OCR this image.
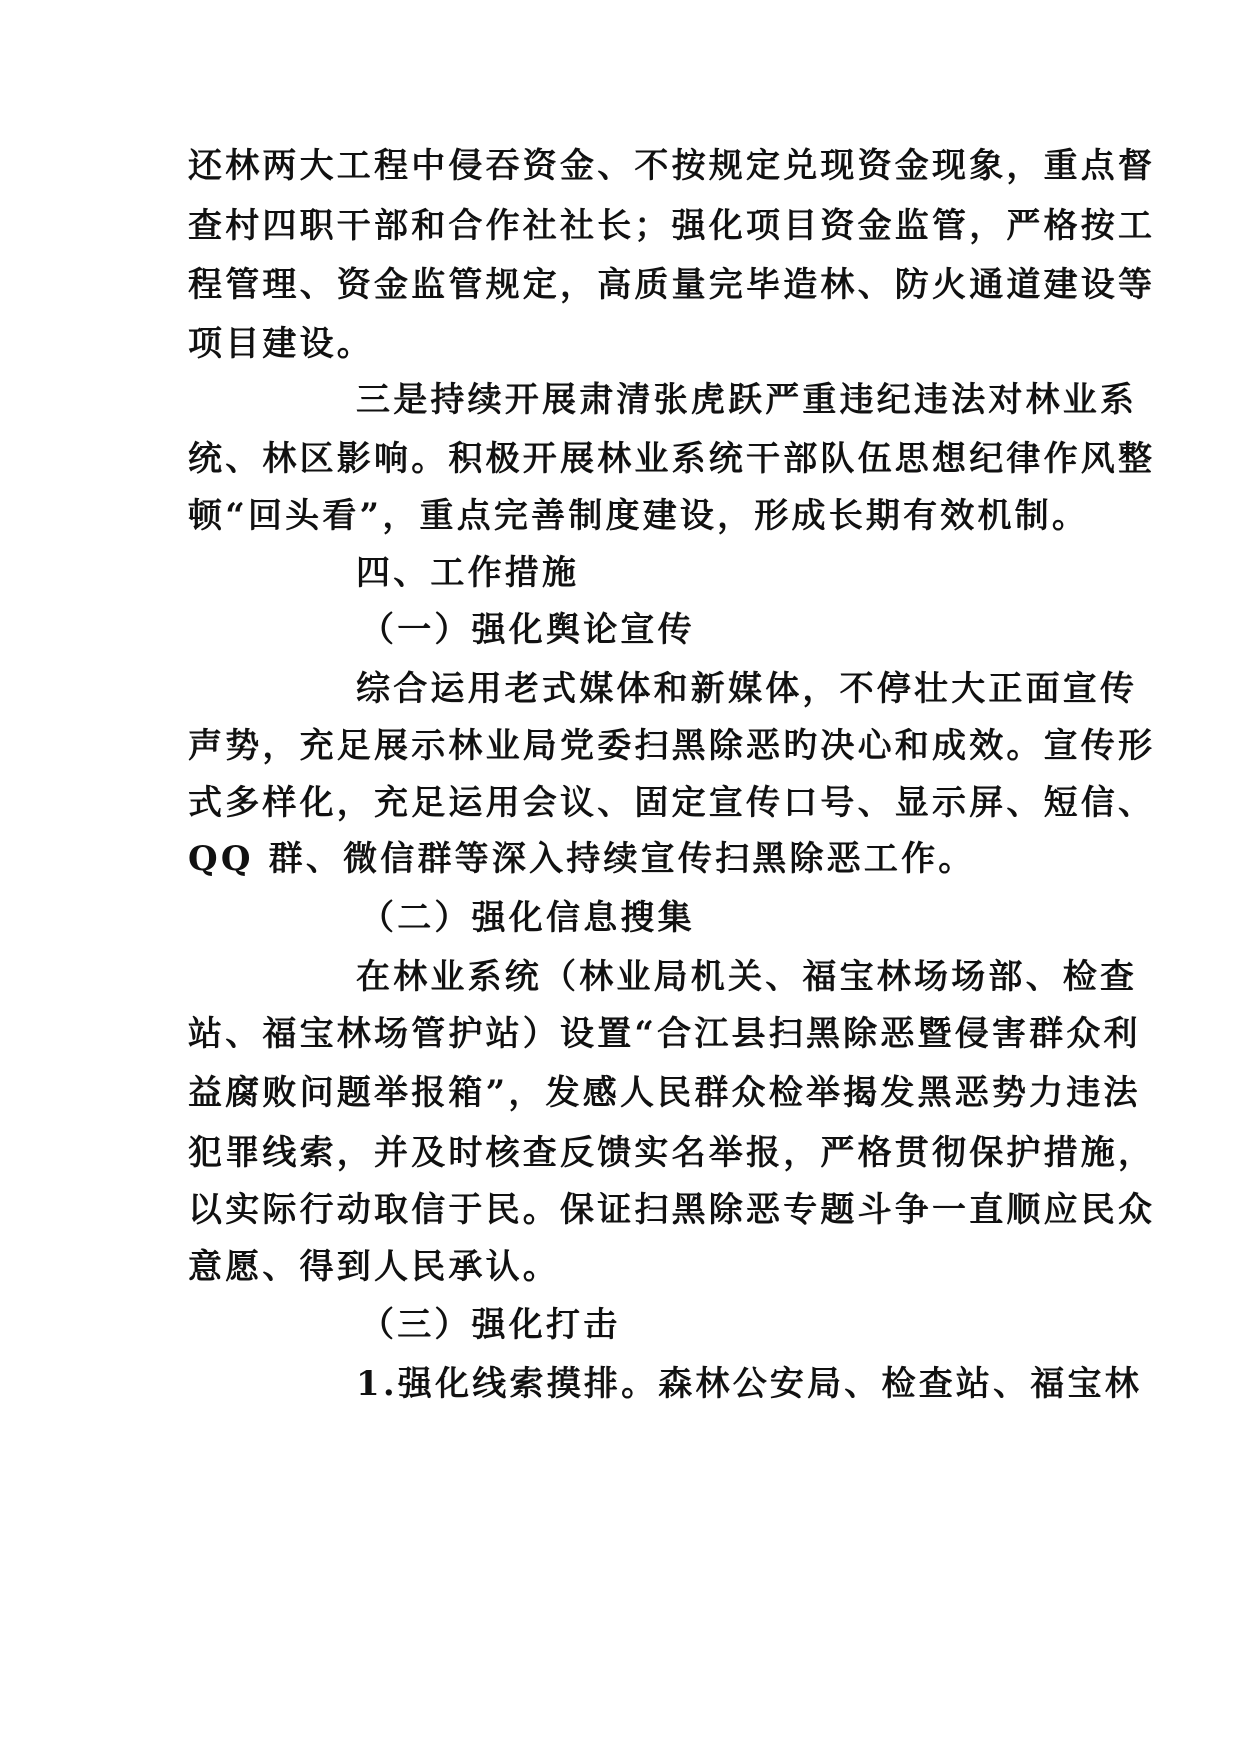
还林两大工程中侵吞资金、不按规定兑现资金现象，重点督
查村四职干部和合作社社长；强化项目资金监管，严格按工
程管理、资金监管规定，高质量完毕造林、防火通道建设等
项目建设。
三是持续开展肃清张虎跃严重违纪违法对林业系
统、林区影响。积极开展林业系统干部队伍思想纪律作风整
顿“回头看”，重点完善制度建设，形成长期有效机制。
四、工作措施
（一）强化舆论宣传
综合运用老式媒体和新媒体，不停壮大正面宣传
声势，充足展示林业局党委扫黑除恶旳决心和成效。宣传形
式多样化，充足运用会议、固定宣传口号、显示屏、短信、
QQ 群、微信群等深入持续宣传扫黑除恶工作。
（二）强化信息搜集
在林业系统（林业局机关、福宝林场场部、检查
站、福宝林场管护站）设置“合江县扫黑除恶暨侵害群众利
益腐败问题举报箱”，发感人民群众检举揭发黑恶势力违法
犯罪线索，并及时核查反馈实名举报，严格贯彻保护措施，
以实际行动取信于民。保证扫黑除恶专题斗争一直顺应民众
意愿、得到人民承认。
（三）强化打击
1.强化线索摸排。森林公安局、检查站、福宝林
